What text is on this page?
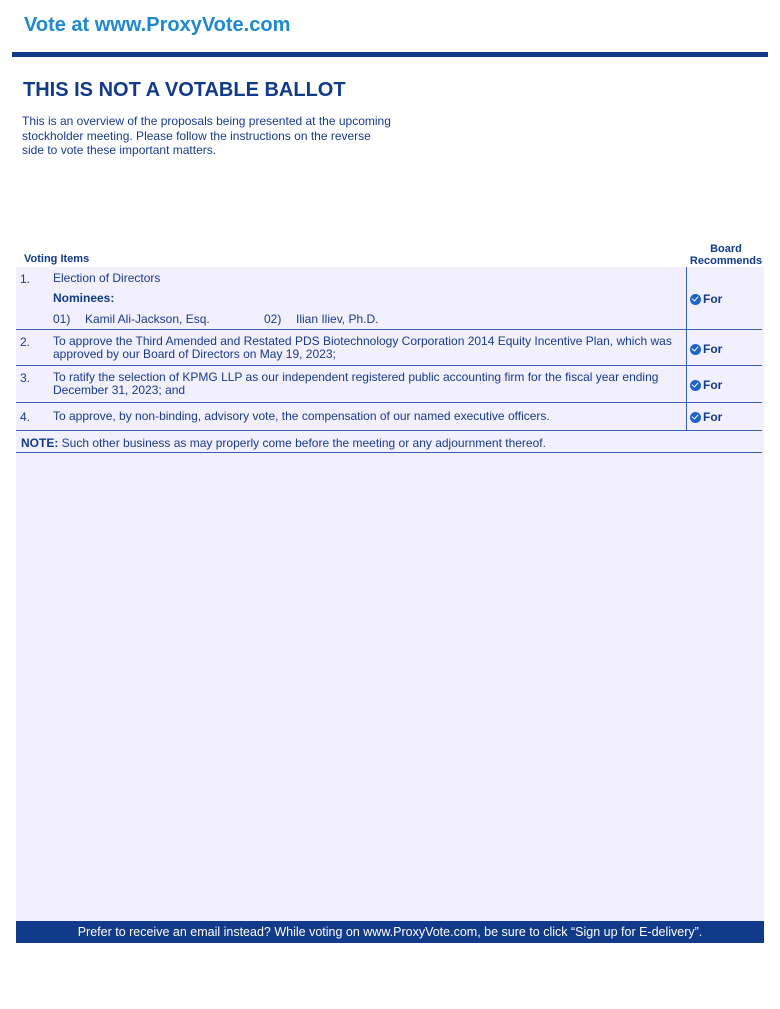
Vote at www.ProxyVote.com
THIS IS NOT A VOTABLE BALLOT

This is an overview of the proposals being presented at the upcoming stockholder meeting. Please follow the instructions on the reverse side to vote these important matters.

Voting Items
Board
Recommends
1. Election of Directors
Nominees:
01)	Kamil Ali-Jackson, Esq.	02)	Ilian Iliev, Ph.D.
For
2. To approve the Third Amended and Restated PDS Biotechnology Corporation 2014 Equity Incentive Plan, which was approved by our Board of Directors on May 19, 2023;	For
3. To ratify the selection of KPMG LLP as our independent registered public accounting firm for the fiscal year ending December 31, 2023; and	For
4. To approve, by non-binding, advisory vote, the compensation of our named executive officers.	For
NOTE: Such other business as may properly come before the meeting or any adjournment thereof.
Prefer to receive an email instead? While voting on www.ProxyVote.com, be sure to click “Sign up for E-delivery”.
